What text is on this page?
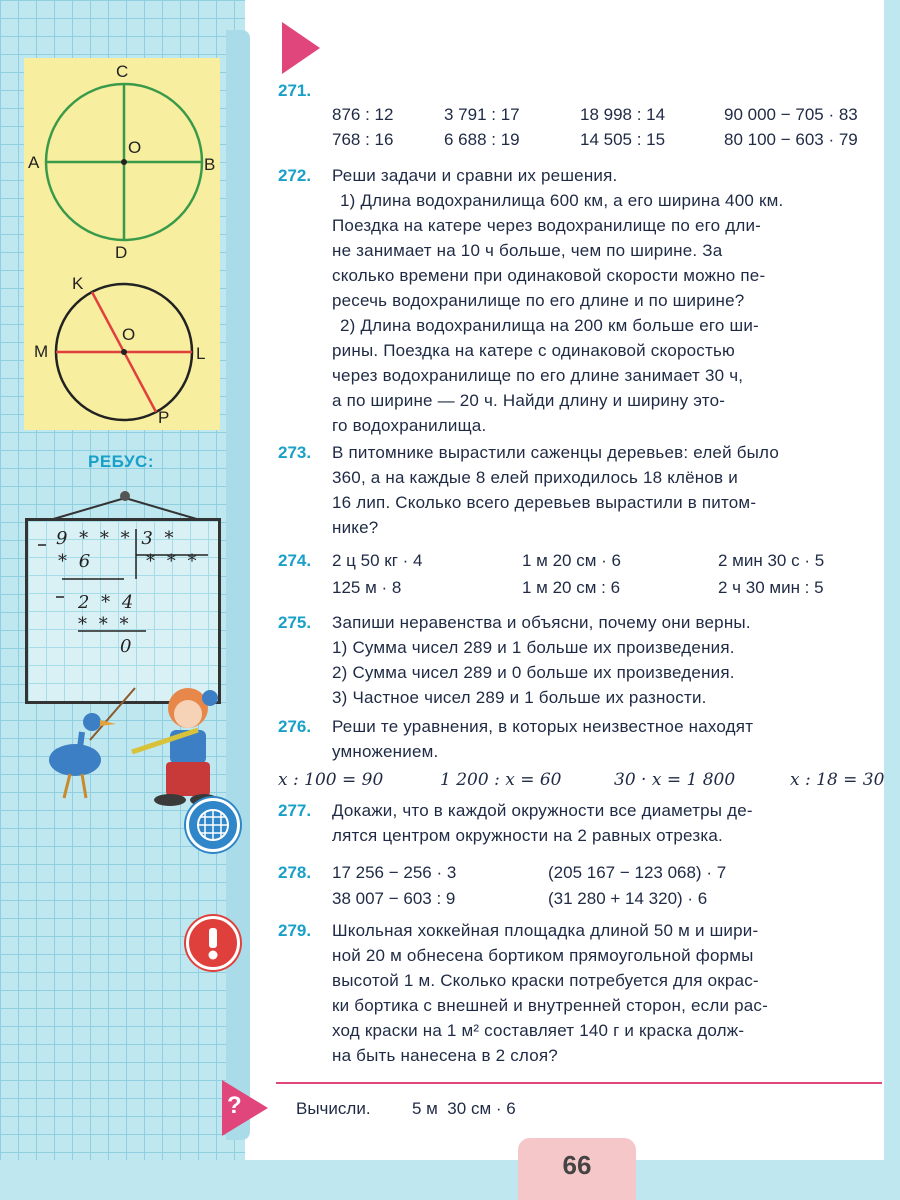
C
A	B
D
O
K
M	L
P
O
РЕБУС:
9 * * * 3 *
* 6	* * *
2 * 4
* * *
0
271.
876 : 12	3 791 : 17	18 998 : 14	90 000 − 705 · 83
768 : 16	6 688 : 19	14 505 : 15	80 100 − 603 · 79
272. Реши задачи и сравни их решения.
1) Длина водохранилища 600 км, а его ширина 400 км.
Поездка на катере через водохранилище по его дли-
не занимает на 10 ч больше, чем по ширине. За
сколько времени при одинаковой скорости можно пе-
ресечь водохранилище по его длине и по ширине?
2) Длина водохранилища на 200 км больше его ши-
рины. Поездка на катере с одинаковой скоростью
через водохранилище по его длине занимает 30 ч,
а по ширине — 20 ч. Найди длину и ширину это-
го водохранилища.
273. В питомнике вырастили саженцы деревьев: елей было
360, а на каждые 8 елей приходилось 18 клёнов и
16 лип. Сколько всего деревьев вырастили в питом-
нике?
274. 2 ц 50 кг · 4	1 м 20 см · 6	2 мин 30 с · 5
125 м · 8	1 м 20 см : 6	2 ч 30 мин : 5
275. Запиши неравенства и объясни, почему они верны.
1) Сумма чисел 289 и 1 больше их произведения.
2) Сумма чисел 289 и 0 больше их произведения.
3) Частное чисел 289 и 1 больше их разности.
276. Реши те уравнения, в которых неизвестное находят
умножением.
x : 100 = 90	1 200 : x = 60	30 · x = 1 800	x : 18 = 30
277. Докажи, что в каждой окружности все диаметры де-
лятся центром окружности на 2 равных отрезка.
278. 17 256 − 256 · 3	(205 167 − 123 068) · 7
38 007 − 603 : 9	(31 280 + 14 320) · 6
279. Школьная хоккейная площадка длиной 50 м и шири-
ной 20 м обнесена бортиком прямоугольной формы
высотой 1 м. Сколько краски потребуется для окрас-
ки бортика с внешней и внутренней сторон, если рас-
ход краски на 1 м² составляет 140 г и краска долж-
на быть нанесена в 2 слоя?
?	Вычисли. 5 м  30 см · 6
66
